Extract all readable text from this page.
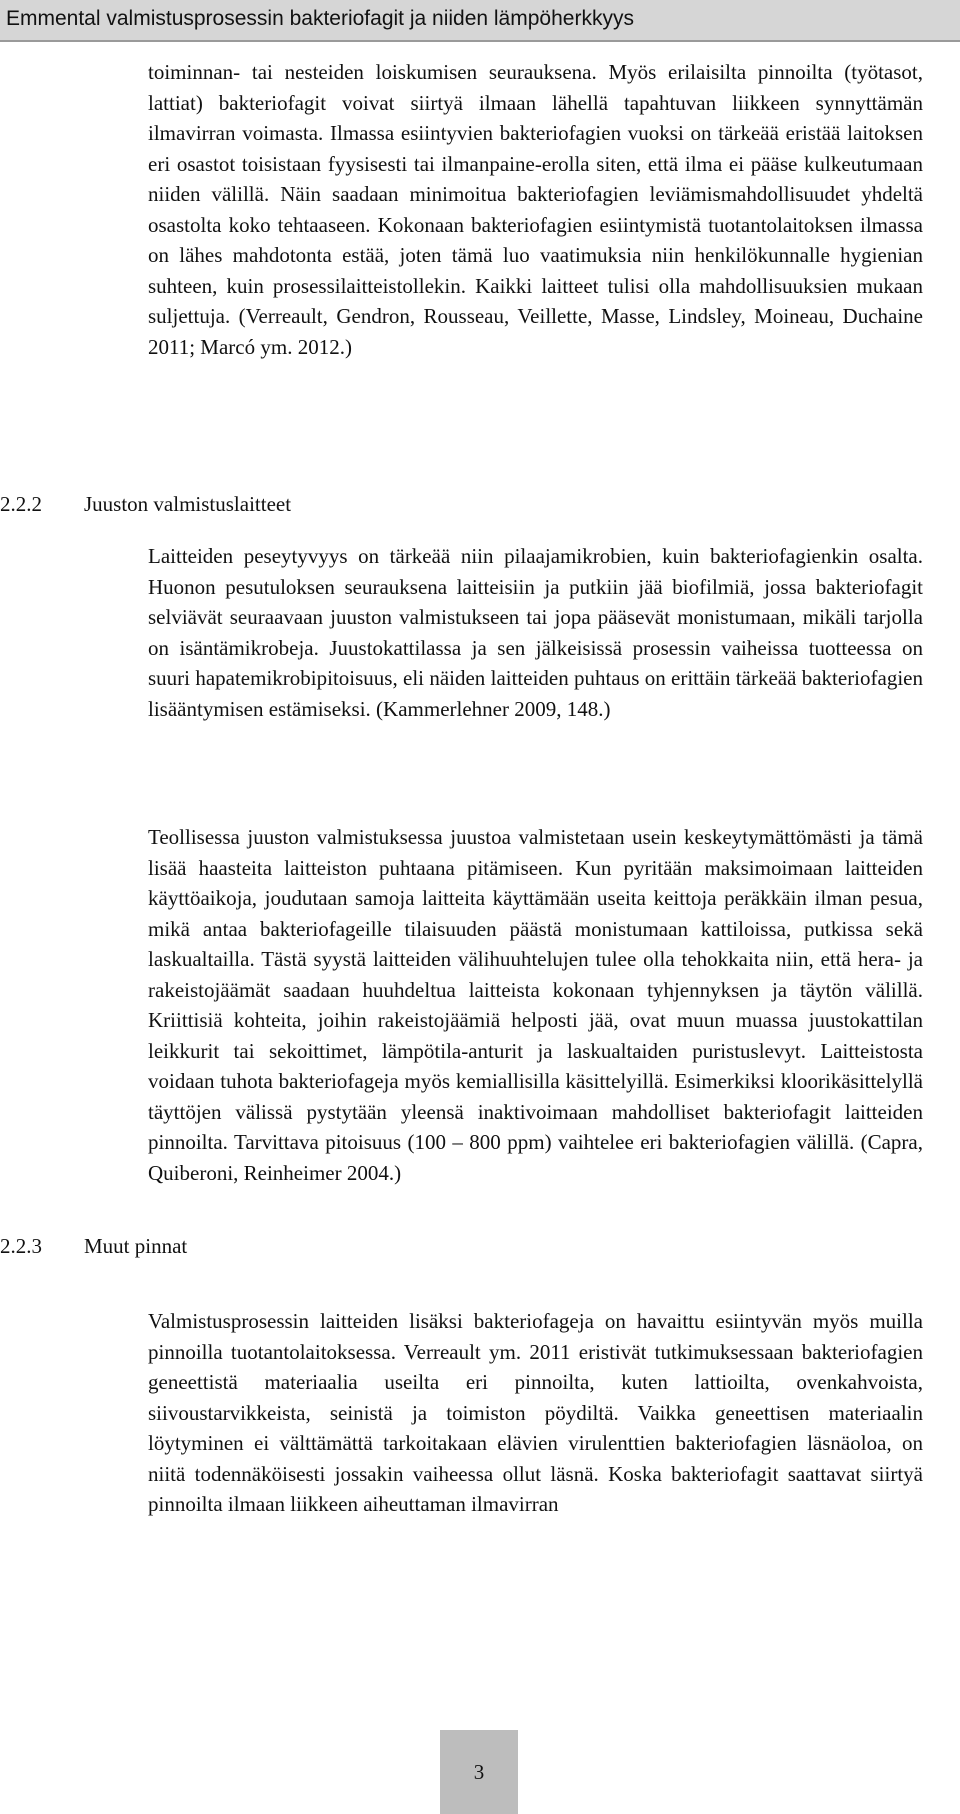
Emmental valmistusprosessin bakteriofagit ja niiden lämpöherkkyys

toiminnan- tai nesteiden loiskumisen seurauksena. Myös erilaisilta pinnoilta (työtasot, lattiat) bakteriofagit voivat siirtyä ilmaan lähellä tapahtuvan liikkeen synnyttämän ilmavirran voimasta. Ilmassa esiintyvien bakteriofagien vuoksi on tärkeää eristää laitoksen eri osastot toisistaan fyysisesti tai ilmanpaine-erolla siten, että ilma ei pääse kulkeutumaan niiden välillä. Näin saadaan minimoitua bakteriofagien leviämismahdollisuudet yhdeltä osastolta koko tehtaaseen. Kokonaan bakteriofagien esiintymistä tuotantolaitoksen ilmassa on lähes mahdotonta estää, joten tämä luo vaatimuksia niin henkilökunnalle hygienian suhteen, kuin prosessilaitteistollekin. Kaikki laitteet tulisi olla mahdollisuuksien mukaan suljettuja. (Verreault, Gendron, Rousseau, Veillette, Masse, Lindsley, Moineau, Duchaine 2011; Marcó ym. 2012.)

2.2.2 Juuston valmistuslaitteet

Laitteiden peseytyvyys on tärkeää niin pilaajamikrobien, kuin bakteriofagienkin osalta. Huonon pesutuloksen seurauksena laitteisiin ja putkiin jää biofilmiä, jossa bakteriofagit selviävät seuraavaan juuston valmistukseen tai jopa pääsevät monistumaan, mikäli tarjolla on isäntämikrobeja. Juustokattilassa ja sen jälkeisissä prosessin vaiheissa tuotteessa on suuri hapatemikrobipitoisuus, eli näiden laitteiden puhtaus on erittäin tärkeää bakteriofagien lisääntymisen estämiseksi. (Kammerlehner 2009, 148.)

Teollisessa juuston valmistuksessa juustoa valmistetaan usein keskeytymättömästi ja tämä lisää haasteita laitteiston puhtaana pitämiseen. Kun pyritään maksimoimaan laitteiden käyttöaikoja, joudutaan samoja laitteita käyttämään useita keittoja peräkkäin ilman pesua, mikä antaa bakteriofageille tilaisuuden päästä monistumaan kattiloissa, putkissa sekä laskualtailla. Tästä syystä laitteiden välihuuhtelujen tulee olla tehokkaita niin, että hera- ja rakeistojäämät saadaan huuhdeltua laitteista kokonaan tyhjennyksen ja täytön välillä. Kriittisiä kohteita, joihin rakeistojäämiä helposti jää, ovat muun muassa juustokattilan leikkurit tai sekoittimet, lämpötila-anturit ja laskualtaiden puristuslevyt. Laitteistosta voidaan tuhota bakteriofageja myös kemiallisilla käsittelyillä. Esimerkiksi kloorikäsittelyllä täyttöjen välissä pystytään yleensä inaktivoimaan mahdolliset bakteriofagit laitteiden pinnoilta. Tarvittava pitoisuus (100 – 800 ppm) vaihtelee eri bakteriofagien välillä. (Capra, Quiberoni, Reinheimer 2004.)

2.2.3 Muut pinnat

Valmistusprosessin laitteiden lisäksi bakteriofageja on havaittu esiintyvän myös muilla pinnoilla tuotantolaitoksessa. Verreault ym. 2011 eristivät tutkimuksessaan bakteriofagien geneettistä materiaalia useilta eri pinnoilta, kuten lattioilta, ovenkahvoista, siivoustarvikkeista, seinistä ja toimiston pöydiltä. Vaikka geneettisen materiaalin löytyminen ei välttämättä tarkoitakaan elävien virulenttien bakteriofagien läsnäoloa, on niitä todennäköisesti jossakin vaiheessa ollut läsnä. Koska bakteriofagit saattavat siirtyä pinnoilta ilmaan liikkeen aiheuttaman ilmavirran

3
